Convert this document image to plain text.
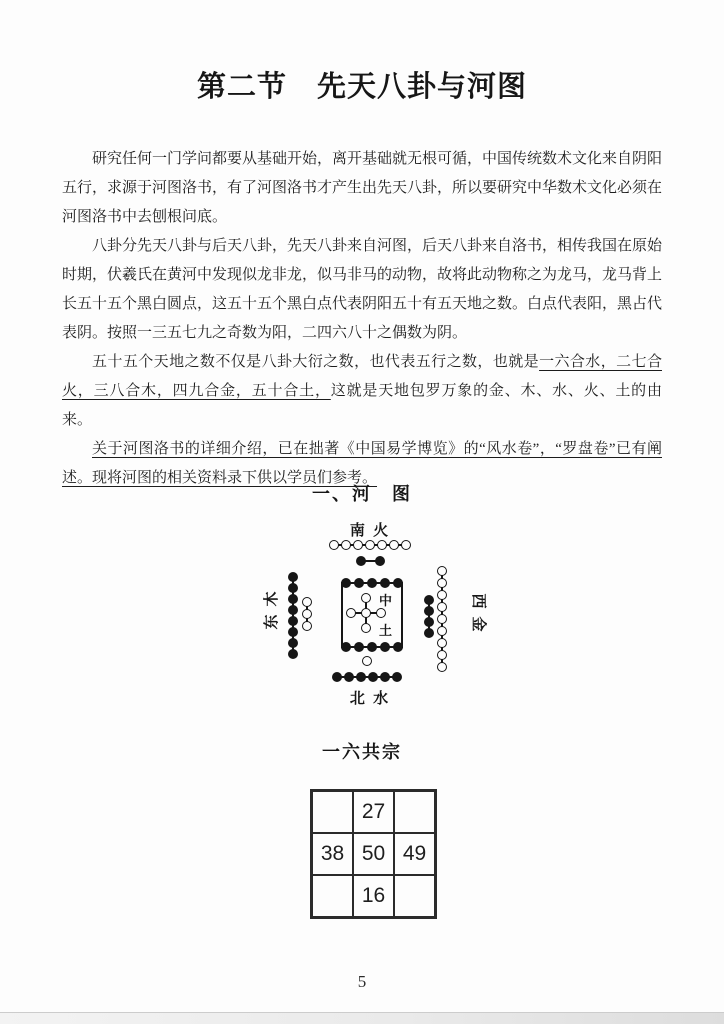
第二节　先天八卦与河图

研究任何一门学问都要从基础开始，离开基础就无根可循，中国传统数术文化来自阴阳五行，求源于河图洛书，有了河图洛书才产生出先天八卦，所以要研究中华数术文化必须在河图洛书中去刨根问底。

八卦分先天八卦与后天八卦，先天八卦来自河图，后天八卦来自洛书，相传我国在原始时期，伏羲氏在黄河中发现似龙非龙，似马非马的动物，故将此动物称之为龙马，龙马背上长五十五个黑白圆点，这五十五个黑白点代表阴阳五十有五天地之数。白点代表阳，黑占代表阴。按照一三五七九之奇数为阳，二四六八十之偶数为阴。

五十五个天地之数不仅是八卦大衍之数，也代表五行之数，也就是一六合水，二七合火，三八合木，四九合金，五十合土，这就是天地包罗万象的金、木、水、火、土的由来。

关于河图洛书的详细介绍，已在拙著《中国易学博览》的“风水卷”，“罗盘卷”已有阐述。现将河图的相关资料录下供以学员们参考。

一、河　图
南 火
木
东
西
金
中
土
北 水
一六共宗
27
38 50 49
16
5
